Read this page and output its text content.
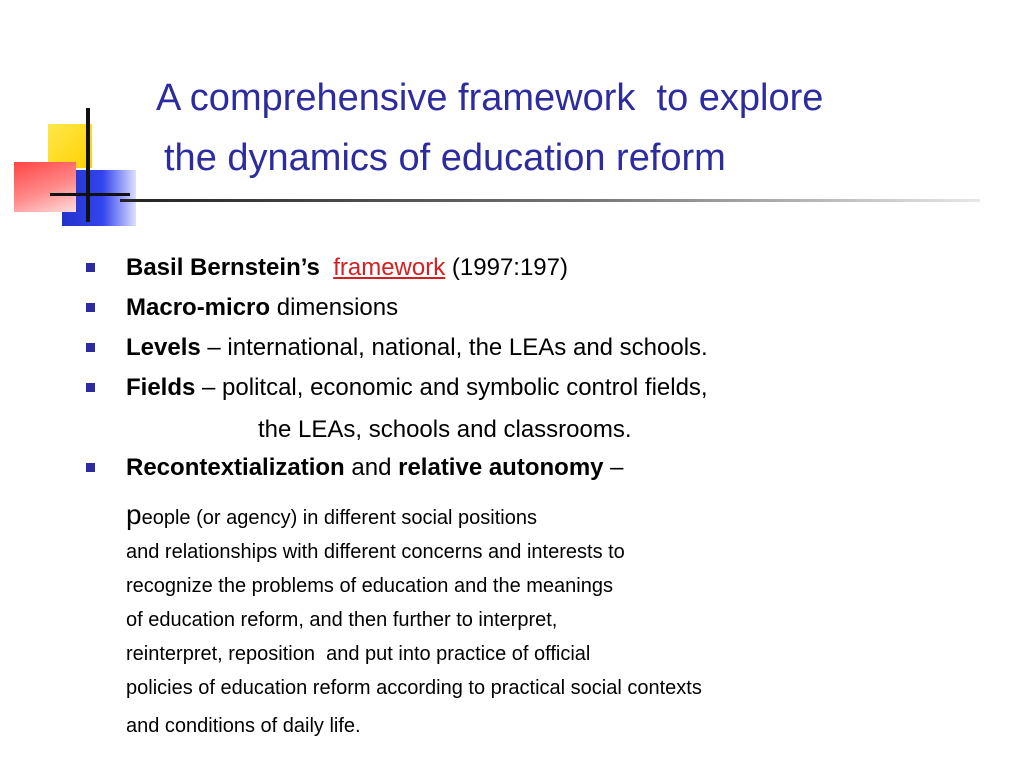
A comprehensive framework  to explore
the dynamics of education reform

Basil Bernstein’s framework (1997:197)

Macro-micro dimensions

Levels – international, national, the LEAs and schools.

Fields – politcal, economic and symbolic control fields,

the LEAs, schools and classrooms.

Recontextialization and relative autonomy –

people (or agency) in different social positions
and relationships with different concerns and interests to
recognize the problems of education and the meanings
of education reform, and then further to interpret,
reinterpret, reposition  and put into practice of official
policies of education reform according to practical social contexts
and conditions of daily life.
